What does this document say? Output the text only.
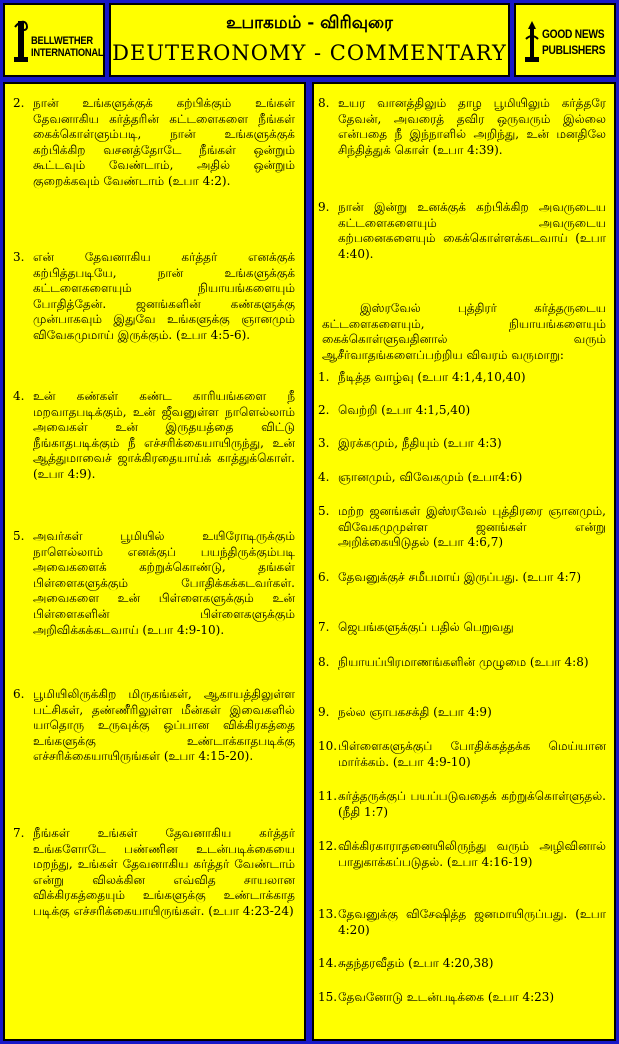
BELLWETHER
INTERNATIONAL
உபாகமம் - விரிவுரை
DEUTERONOMY - COMMENTARY
GOOD NEWS
PUBLISHERS
2. நான் உங்களுக்குக் கற்பிக்கும் உங்கள் தேவனாகிய கர்த்தரின் கட்டளைகளை நீங்கள் கைக்கொள்ளும்படி, நான் உங்களுக்குக் கற்பிக்கிற வசனத்தோடே நீங்கள் ஒன்றும் கூட்டவும் வேண்டாம், அதில் ஒன்றும் குறைக்கவும் வேண்டாம் (உபா 4:2).
3. என் தேவனாகிய கர்த்தர் எனக்குக் கற்பித்தபடியே, நான் உங்களுக்குக் கட்டளைகளையும் நியாயங்களையும் போதித்தேன். ஜனங்களின் கண்களுக்கு முன்பாகவும் இதுவே உங்களுக்கு ஞானமும் விவேகமுமாய் இருக்கும். (உபா 4:5-6).
4. உன் கண்கள் கண்ட காரியங்களை நீ மறவாதபடிக்கும், உன் ஜீவனுள்ள நாளெல்லாம் அவைகள் உன் இருதயத்தை விட்டு நீங்காதபடிக்கும் நீ எச்சரிக்கையாயிருந்து, உன் ஆத்துமாவைச் ஜாக்கிரதையாய்க் காத்துக்கொள். (உபா 4:9).
5. அவர்கள் பூமியில் உயிரோடிருக்கும் நாளெல்லாம் எனக்குப் பயந்திருக்கும்படி அவைகளைக் கற்றுக்கொண்டு, தங்கள் பிள்ளைகளுக்கும் போதிக்கக்கடவர்கள். அவைகளை உன் பிள்ளைகளுக்கும் உன் பிள்ளைகளின் பிள்ளைகளுக்கும் அறிவிக்கக்கடவாய் (உபா 4:9-10).
6. பூமியிலிருக்கிற மிருகங்கள், ஆகாயத்திலுள்ள பட்சிகள், தண்ணீரிலுள்ள மீன்கள் இவைகளில் யாதொரு உருவுக்கு ஒப்பான விக்கிரகத்தை உங்களுக்கு உண்டாக்காதபடிக்கு எச்சரிக்கையாயிருங்கள் (உபா 4:15-20).
7. நீங்கள் உங்கள் தேவனாகிய கர்த்தர் உங்களோடே பண்ணின உடன்படிக்கையை மறந்து, உங்கள் தேவனாகிய கர்த்தர் வேண்டாம் என்று விலக்கின எவ்வித சாயலான விக்கிரகத்தையும் உங்களுக்கு உண்டாக்காத படிக்கு எச்சரிக்கையாயிருங்கள். (உபா 4:23-24)
8. உயர வானத்திலும் தாழ பூமியிலும் கர்த்தரே தேவன், அவரைத் தவிர ஒருவரும் இல்லை என்பதை நீ இந்நாளில் அறிந்து, உன் மனதிலே சிந்தித்துக் கொள் (உபா 4:39).
9. நான் இன்று உனக்குக் கற்பிக்கிற அவருடைய கட்டளைகளையும் அவருடைய கற்பனைகளையும் கைக்கொள்ளக்கடவாய் (உபா 4:40).
இஸ்ரவேல் புத்திரர் கர்த்தருடைய கட்டளைகளையும், நியாயங்களையும் கைக்கொள்ளுவதினால் வரும் ஆசீர்வாதங்களைப்பற்றிய விவரம் வருமாறு:
1. நீடித்த வாழ்வு (உபா 4:1,4,10,40)
2. வெற்றி (உபா 4:1,5,40)
3. இரக்கமும், நீதியும் (உபா 4:3)
4. ஞானமும், விவேகமும் (உபா4:6)
5. மற்ற ஜனங்கள் இஸ்ரவேல் புத்திரரை ஞானமும், விவேகமுமுள்ள ஜனங்கள் என்று அறிக்கையிடுதல் (உபா 4:6,7)
6. தேவனுக்குச் சமீபமாய் இருப்பது. (உபா 4:7)
7. ஜெபங்களுக்குப் பதில் பெறுவது
8. நியாயப்பிரமாணங்களின் முழுமை (உபா 4:8)
9. நல்ல ஞாபகசக்தி (உபா 4:9)
10. பிள்ளைகளுக்குப் போதிக்கத்தக்க மெய்யான மார்க்கம். (உபா 4:9-10)
11. கர்த்தருக்குப் பயப்படுவதைக் கற்றுக்கொள்ளுதல். (நீதி 1:7)
12. விக்கிரகாராதனையிலிருந்து வரும் அழிவினால் பாதுகாக்கப்படுதல். (உபா 4:16-19)
13. தேவனுக்கு விசேஷித்த ஜனமாயிருப்பது. (உபா 4:20)
14. சுதந்தரவீதம் (உபா 4:20,38)
15. தேவனோடு உடன்படிக்கை (உபா 4:23)
